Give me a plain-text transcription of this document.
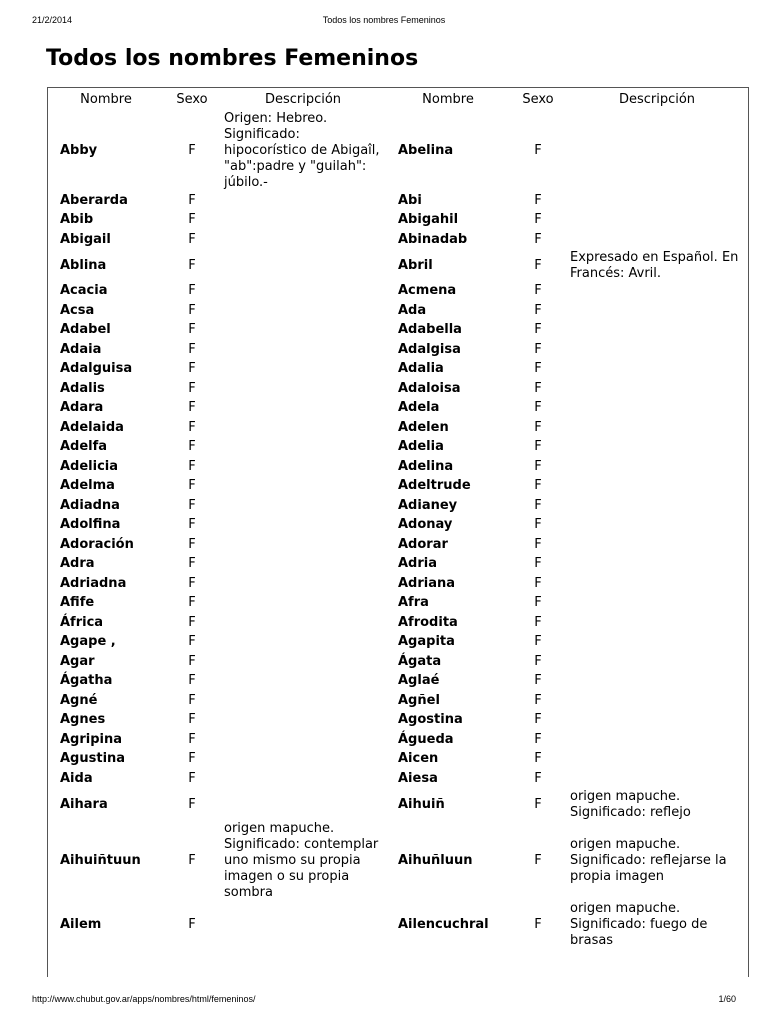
21/2/2014	Todos los nombres Femeninos
Todos los nombres Femeninos
Nombre	Sexo	Descripción	Nombre	Sexo	Descripción
Abby	F	Origen: Hebreo. Significado: hipocorístico de Abigaîl, "ab":padre y "guilah": júbilo.-	Abelina	F	
Aberarda	F		Abi	F	
Abib	F		Abigahil	F	
Abigail	F		Abinadab	F	
Ablina	F		Abril	F	Expresado en Español. En Francés: Avril.
Acacia	F		Acmena	F	
Acsa	F		Ada	F	
Adabel	F		Adabella	F	
Adaia	F		Adalgisa	F	
Adalguisa	F		Adalia	F	
Adalis	F		Adaloisa	F	
Adara	F		Adela	F	
Adelaida	F		Adelen	F	
Adelfa	F		Adelia	F	
Adelicia	F		Adelina	F	
Adelma	F		Adeltrude	F	
Adiadna	F		Adianey	F	
Adolfina	F		Adonay	F	
Adoración	F		Adorar	F	
Adra	F		Adria	F	
Adriadna	F		Adriana	F	
Afife	F		Afra	F	
África	F		Afrodita	F	
Agape ,	F		Agapita	F	
Agar	F		Ágata	F	
Ágatha	F		Aglaé	F	
Agné	F		Agñel	F	
Agnes	F		Agostina	F	
Agripina	F		Águeda	F	
Agustina	F		Aicen	F	
Aida	F		Aiesa	F	
Aihara	F		Aihuiñ	F	origen mapuche. Significado: reflejo
Aihuiñtuun	F	origen mapuche. Significado: contemplar uno mismo su propia imagen o su propia sombra	Aihuñluun	F	origen mapuche. Significado: reflejarse la propia imagen
Ailem	F		Ailencuchral	F	origen mapuche. Significado: fuego de brasas
http://www.chubut.gov.ar/apps/nombres/html/femeninos/	1/60
